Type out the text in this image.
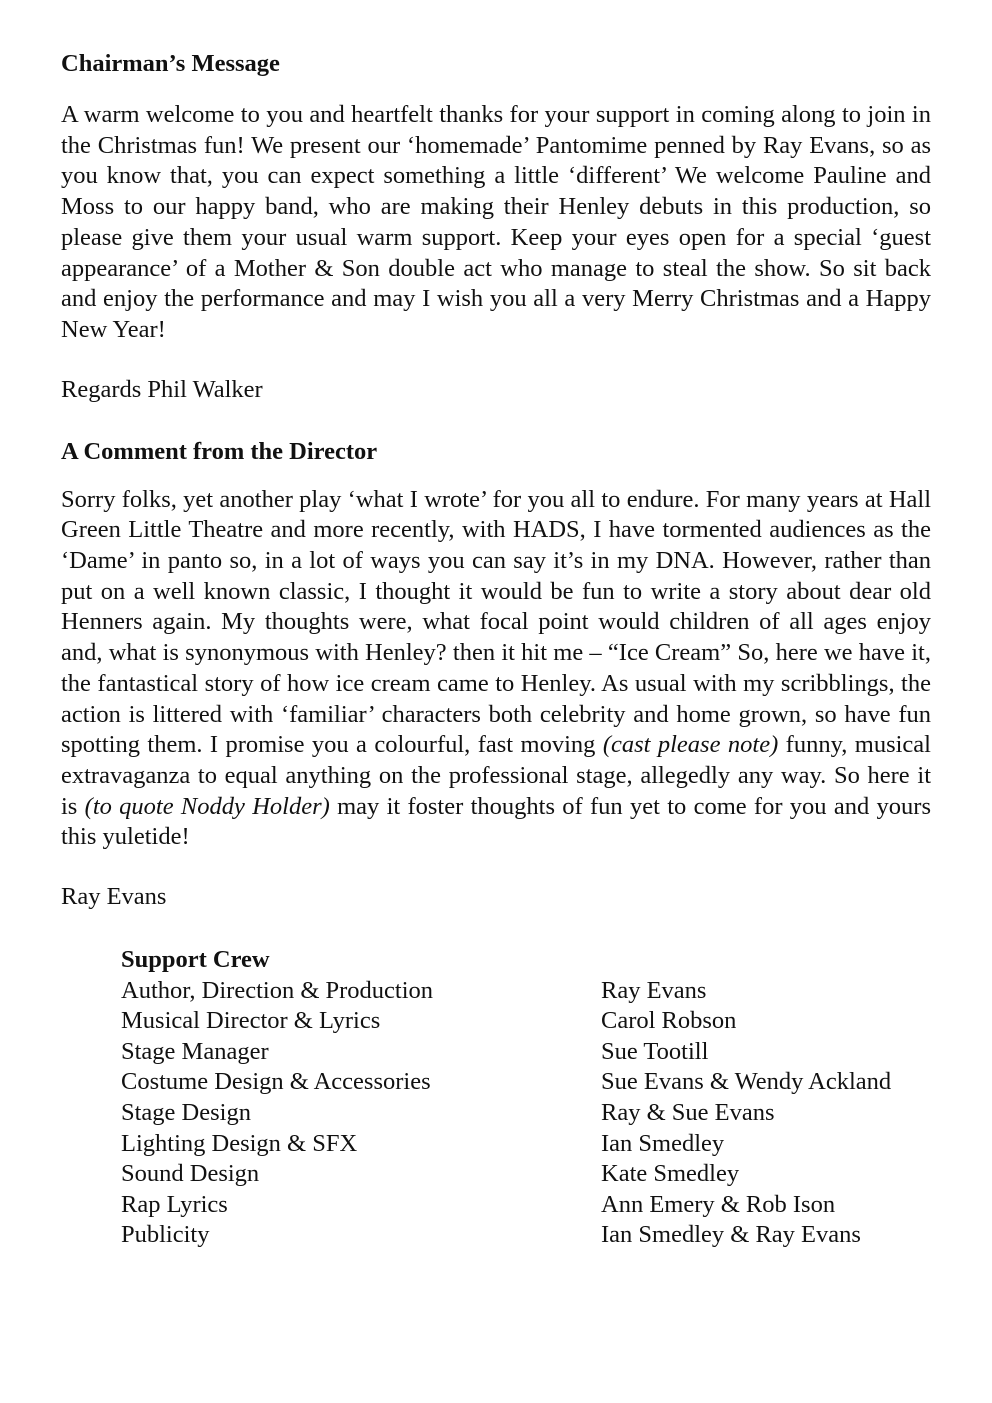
Chairman’s Message

A warm welcome to you and heartfelt thanks for your support in coming along to join in the Christmas fun! We present our ‘homemade’ Pantomime penned by Ray Evans, so as you know that, you can expect something a little ‘different’ We welcome Pauline and Moss to our happy band, who are making their Henley debuts in this production, so please give them your usual warm support. Keep your eyes open for a special ‘guest appearance’ of a Mother & Son double act who manage to steal the show. So sit back and enjoy the performance and may I wish you all a very Merry Christmas and a Happy New Year!

Regards Phil Walker

A Comment from the Director

Sorry folks, yet another play ‘what I wrote’ for you all to endure. For many years at Hall Green Little Theatre and more recently, with HADS, I have tormented audiences as the ‘Dame’ in panto so, in a lot of ways you can say it’s in my DNA. However, rather than put on a well known classic, I thought it would be fun to write a story about dear old Henners again. My thoughts were, what focal point would children of all ages enjoy and, what is synonymous with Henley? then it hit me – “Ice Cream” So, here we have it, the fantastical story of how ice cream came to Henley. As usual with my scribblings, the action is littered with ‘familiar’ characters both celebrity and home grown, so have fun spotting them. I promise you a colourful, fast moving (cast please note) funny, musical extravaganza to equal anything on the professional stage, allegedly any way. So here it is (to quote Noddy Holder) may it foster thoughts of fun yet to come for you and yours this yuletide!

Ray Evans

Support Crew
Author, Direction & Production	Ray Evans
Musical Director & Lyrics	Carol Robson
Stage Manager	Sue Tootill
Costume Design & Accessories	Sue Evans & Wendy Ackland
Stage Design	Ray & Sue Evans
Lighting Design & SFX	Ian Smedley
Sound Design	Kate Smedley
Rap Lyrics	Ann Emery & Rob Ison
Publicity	Ian Smedley & Ray Evans
